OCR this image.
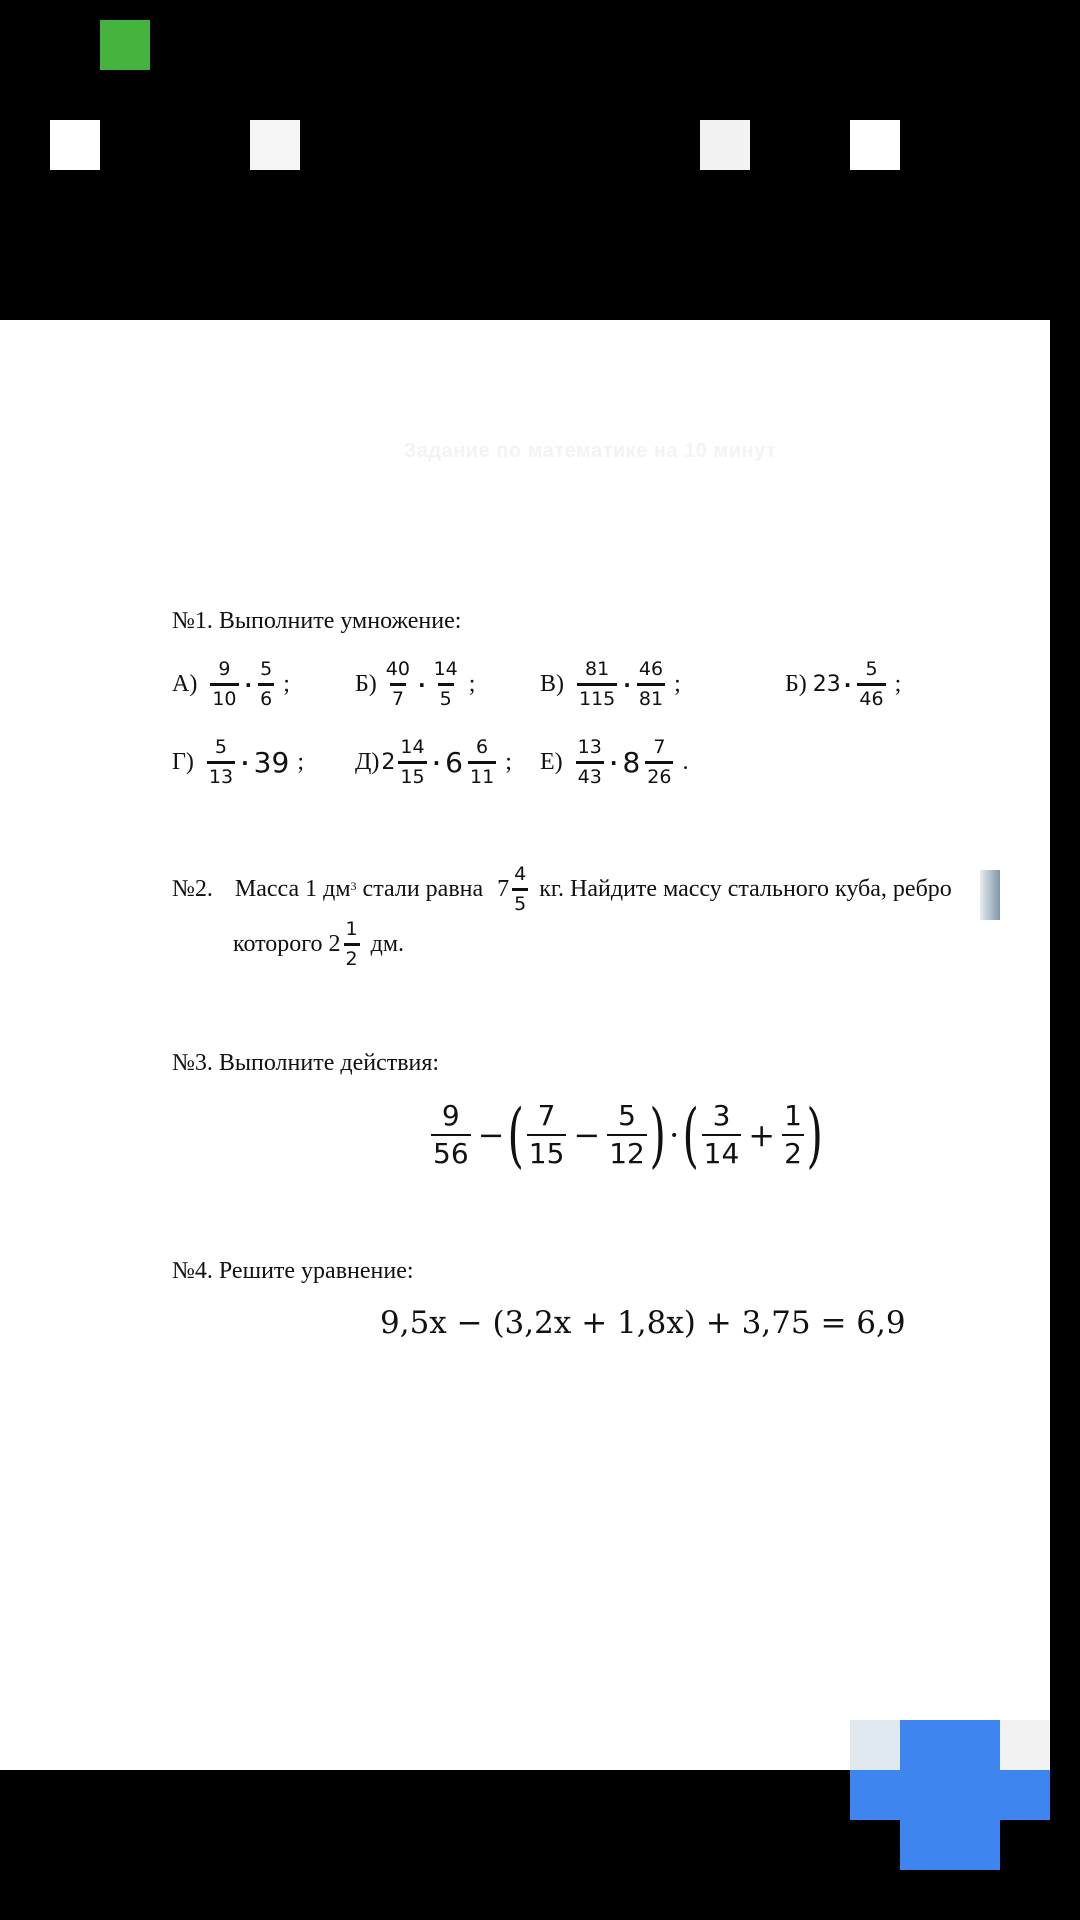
Задание по математике на 10 минут
№1. Выполните умножение:
$А) \frac{9}{10} \cdot \frac{5}{6}$ ;	$Б) \frac{40}{7} \cdot \frac{14}{5}$ ;	$В) \frac{81}{115} \cdot \frac{46}{81}$ ;	Б) $23 \cdot \frac{5}{46}$ ;
$Г) \frac{5}{13} \cdot 39$ ; Д) $2 \frac{14}{15} \cdot 6 \frac{6}{11}$ ; $Е) \frac{13}{43} \cdot 8 \frac{7}{26}$ .
№2. Масса 1 дм 3 стали равна $7 \frac{4}{5}$ кг. Найдите массу стального куба, ребро
которого $2 \frac{1}{2}$ дм.
№3. Выполните действия:
$\frac{9}{56}$ − ( $\frac{7}{15} - \frac{5}{12}$ ) · ( $\frac{3}{14} + \frac{1}{2}$ )
№4. Решите уравнение:
9,5x − (3,2x + 1,8x) + 3,75 = 6,9
